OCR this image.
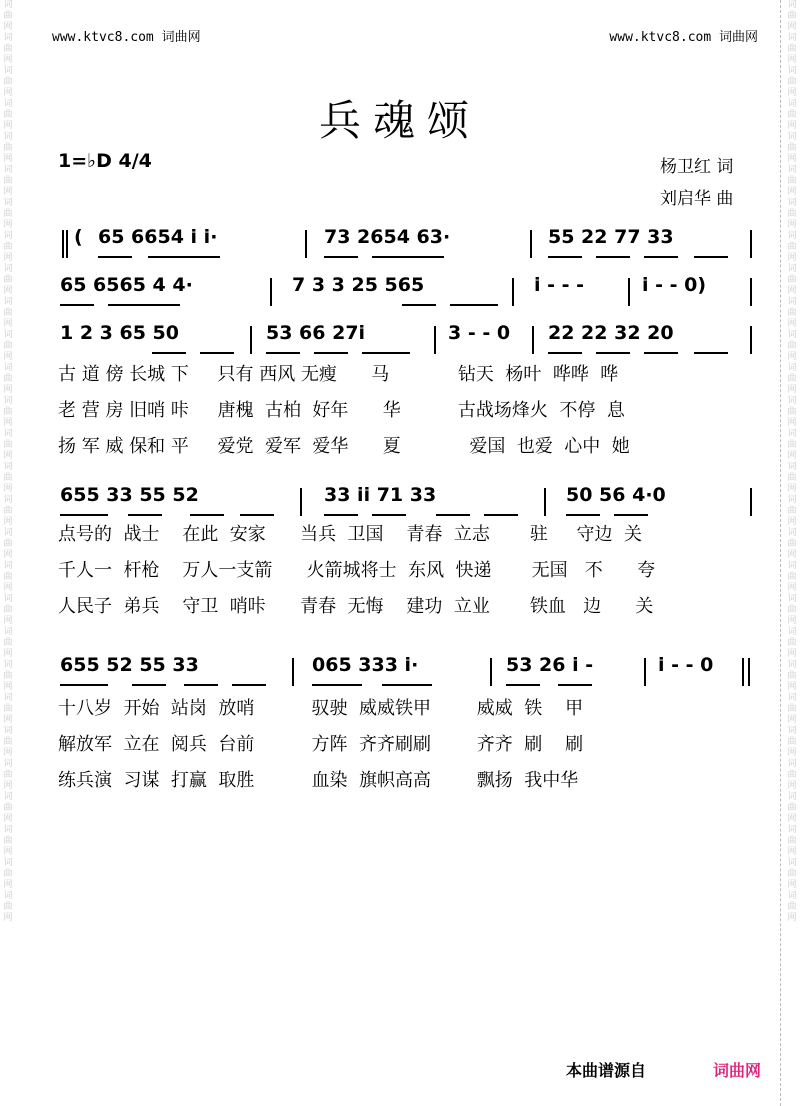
www.ktvc8.com 词曲网	www.ktvc8.com 词曲网
词曲网词曲网词曲网词曲网词曲网词曲网词曲网词曲网词曲网词曲网词曲网词曲网词曲网词曲网词曲网词曲网词曲网词曲网词曲网词曲网词曲网词曲网词曲网词曲网词曲网词曲网词曲网词曲网
词曲网词曲网词曲网词曲网词曲网词曲网词曲网词曲网词曲网词曲网词曲网词曲网词曲网词曲网词曲网词曲网词曲网词曲网词曲网词曲网词曲网词曲网词曲网词曲网词曲网词曲网词曲网词曲网
兵魂颂
1=♭D 4/4	杨卫红 词
刘启华 曲
( 65 6654 i i·	73 2654 63·	55 22 77 33
65 6565 4 4·	7 3 3 25 565	i - - -	i - - 0)
1 2 3 65 50	53 66 27i	3 - - 0 22 22 32 20
古 道 傍 长城 下     只有 西风 无瘦      马            钻天  杨叶  哗哗  哗
老 营 房 旧哨 咔     唐槐  古柏  好年      华          古战场烽火  不停  息
扬 军 威 保和 平     爱党  爱军  爱华      夏            爱国  也爱  心中  她
655 33 55 52	33 ii 71 33	50 56 4·0
点号的  战士    在此  安家      当兵  卫国    青春  立志       驻     守边  关
千人一  杆枪    万人一支箭      火箭城将士  东风  快递       无国   不      夸
人民子  弟兵    守卫  哨咔      青春  无悔    建功  立业       铁血   边      关
655 52 55 33	065 333 i·	53 26 i -	i - - 0
十八岁  开始  站岗  放哨          驭驶  威威铁甲        威威  铁    甲
解放军  立在  阅兵  台前          方阵  齐齐刷刷        齐齐  刷    刷
练兵演  习谋  打赢  取胜          血染  旗帜高高        飘扬  我中华
本曲谱源自	词曲网
